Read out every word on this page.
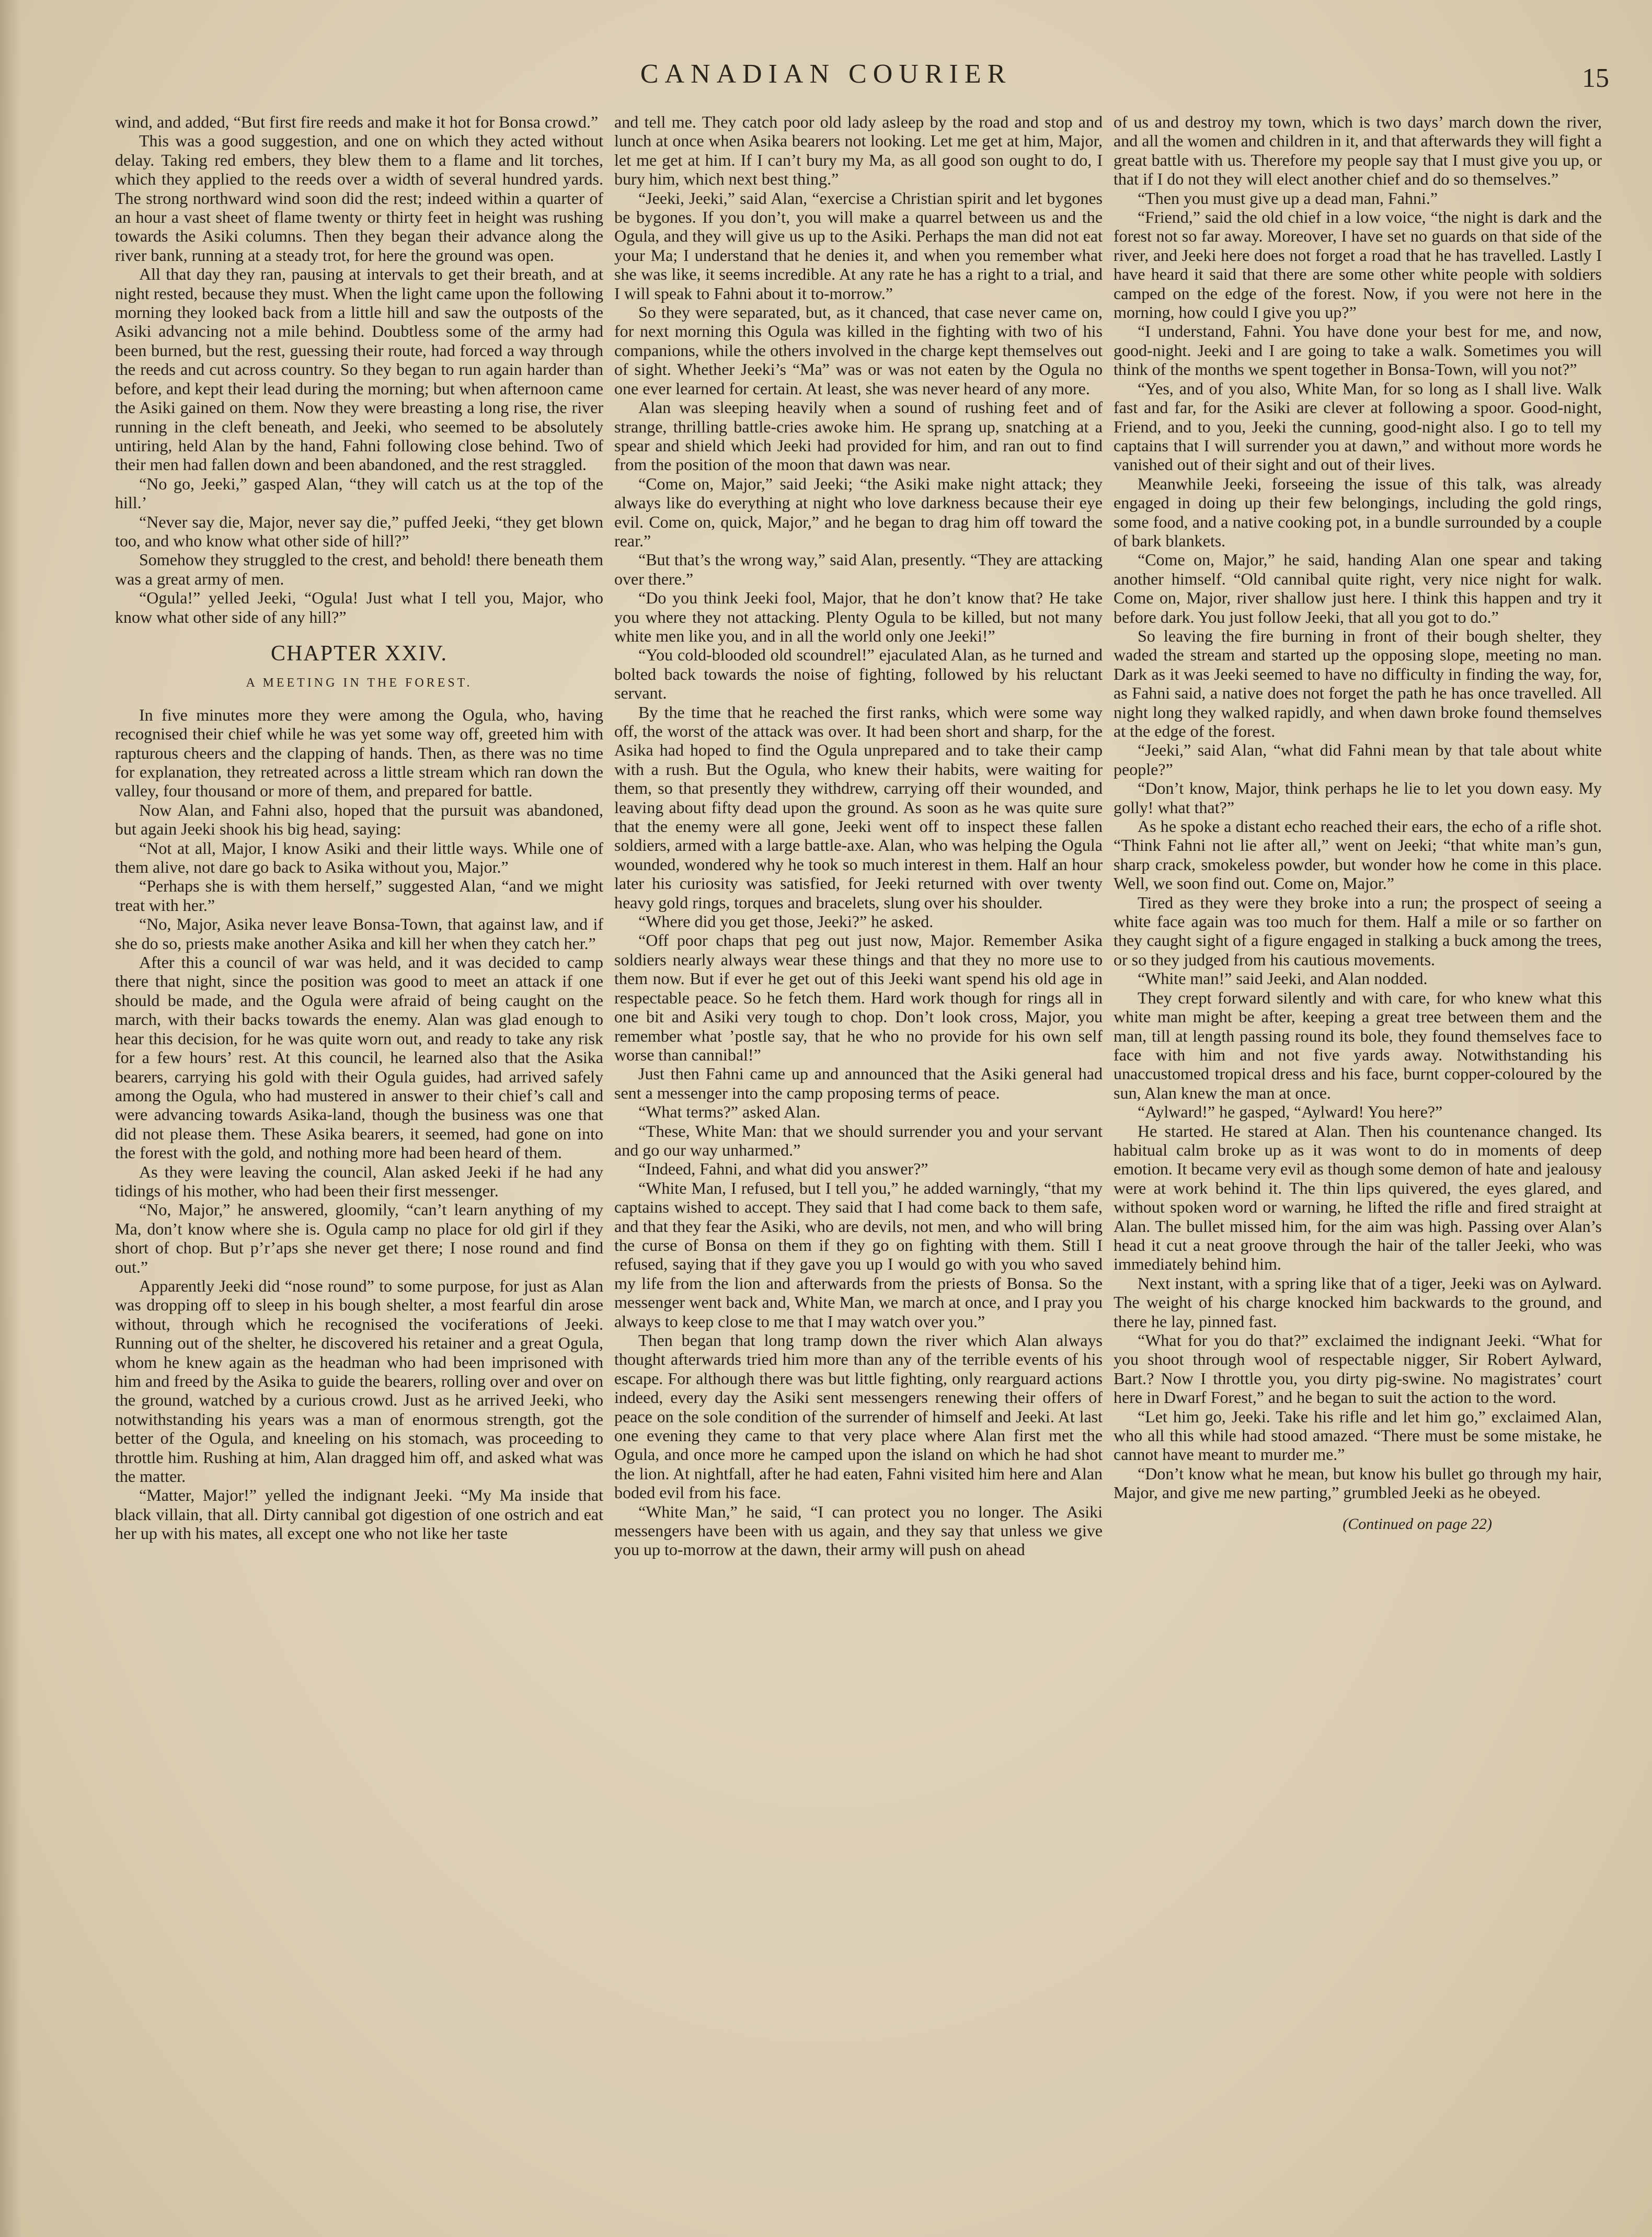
CANADIAN COURIER	15

wind, and added, “But first fire reeds and make it hot for Bonsa crowd.”

This was a good suggestion, and one on which they acted without delay. Taking red embers, they blew them to a flame and lit torches, which they applied to the reeds over a width of several hundred yards. The strong northward wind soon did the rest; indeed within a quarter of an hour a vast sheet of flame twenty or thirty feet in height was rushing towards the Asiki columns. Then they began their advance along the river bank, running at a steady trot, for here the ground was open.

All that day they ran, pausing at intervals to get their breath, and at night rested, because they must. When the light came upon the following morning they looked back from a little hill and saw the outposts of the Asiki advancing not a mile behind. Doubtless some of the army had been burned, but the rest, guessing their route, had forced a way through the reeds and cut across country. So they began to run again harder than before, and kept their lead during the morning; but when afternoon came the Asiki gained on them. Now they were breasting a long rise, the river running in the cleft beneath, and Jeeki, who seemed to be absolutely untiring, held Alan by the hand, Fahni following close behind. Two of their men had fallen down and been abandoned, and the rest straggled.

“No go, Jeeki,” gasped Alan, “they will catch us at the top of the hill.’

“Never say die, Major, never say die,” puffed Jeeki, “they get blown too, and who know what other side of hill?”

Somehow they struggled to the crest, and behold! there beneath them was a great army of men.

“Ogula!” yelled Jeeki, “Ogula! Just what I tell you, Major, who know what other side of any hill?”

CHAPTER XXIV.
A MEETING IN THE FOREST.

In five minutes more they were among the Ogula, who, having recognised their chief while he was yet some way off, greeted him with rapturous cheers and the clapping of hands. Then, as there was no time for explanation, they retreated across a little stream which ran down the valley, four thousand or more of them, and prepared for battle.

Now Alan, and Fahni also, hoped that the pursuit was abandoned, but again Jeeki shook his big head, saying:

“Not at all, Major, I know Asiki and their little ways. While one of them alive, not dare go back to Asika without you, Major.”

“Perhaps she is with them herself,” suggested Alan, “and we might treat with her.”

“No, Major, Asika never leave Bonsa-Town, that against law, and if she do so, priests make another Asika and kill her when they catch her.”

After this a council of war was held, and it was decided to camp there that night, since the position was good to meet an attack if one should be made, and the Ogula were afraid of being caught on the march, with their backs towards the enemy. Alan was glad enough to hear this decision, for he was quite worn out, and ready to take any risk for a few hours’ rest. At this council, he learned also that the Asika bearers, carrying his gold with their Ogula guides, had arrived safely among the Ogula, who had mustered in answer to their chief’s call and were advancing towards Asika-land, though the business was one that did not please them. These Asika bearers, it seemed, had gone on into the forest with the gold, and nothing more had been heard of them.

As they were leaving the council, Alan asked Jeeki if he had any tidings of his mother, who had been their first messenger.

“No, Major,” he answered, gloomily, “can’t learn anything of my Ma, don’t know where she is. Ogula camp no place for old girl if they short of chop. But p’r’aps she never get there; I nose round and find out.”

Apparently Jeeki did “nose round” to some purpose, for just as Alan was dropping off to sleep in his bough shelter, a most fearful din arose without, through which he recognised the vociferations of Jeeki. Running out of the shelter, he discovered his retainer and a great Ogula, whom he knew again as the headman who had been imprisoned with him and freed by the Asika to guide the bearers, rolling over and over on the ground, watched by a curious crowd. Just as he arrived Jeeki, who notwithstanding his years was a man of enormous strength, got the better of the Ogula, and kneeling on his stomach, was proceeding to throttle him. Rushing at him, Alan dragged him off, and asked what was the matter.

“Matter, Major!” yelled the indignant Jeeki. “My Ma inside that black villain, that all. Dirty cannibal got digestion of one ostrich and eat her up with his mates, all except one who not like her taste

and tell me. They catch poor old lady asleep by the road and stop and lunch at once when Asika bearers not looking. Let me get at him, Major, let me get at him. If I can’t bury my Ma, as all good son ought to do, I bury him, which next best thing.”

“Jeeki, Jeeki,” said Alan, “exercise a Christian spirit and let bygones be bygones. If you don’t, you will make a quarrel between us and the Ogula, and they will give us up to the Asiki. Perhaps the man did not eat your Ma; I understand that he denies it, and when you remember what she was like, it seems incredible. At any rate he has a right to a trial, and I will speak to Fahni about it to-morrow.”

So they were separated, but, as it chanced, that case never came on, for next morning this Ogula was killed in the fighting with two of his companions, while the others involved in the charge kept themselves out of sight. Whether Jeeki’s “Ma” was or was not eaten by the Ogula no one ever learned for certain. At least, she was never heard of any more.

Alan was sleeping heavily when a sound of rushing feet and of strange, thrilling battle-cries awoke him. He sprang up, snatching at a spear and shield which Jeeki had provided for him, and ran out to find from the position of the moon that dawn was near.

“Come on, Major,” said Jeeki; “the Asiki make night attack; they always like do everything at night who love darkness because their eye evil. Come on, quick, Major,” and he began to drag him off toward the rear.”

“But that’s the wrong way,” said Alan, presently. “They are attacking over there.”

“Do you think Jeeki fool, Major, that he don’t know that? He take you where they not attacking. Plenty Ogula to be killed, but not many white men like you, and in all the world only one Jeeki!”

“You cold-blooded old scoundrel!” ejaculated Alan, as he turned and bolted back towards the noise of fighting, followed by his reluctant servant.

By the time that he reached the first ranks, which were some way off, the worst of the attack was over. It had been short and sharp, for the Asika had hoped to find the Ogula unprepared and to take their camp with a rush. But the Ogula, who knew their habits, were waiting for them, so that presently they withdrew, carrying off their wounded, and leaving about fifty dead upon the ground. As soon as he was quite sure that the enemy were all gone, Jeeki went off to inspect these fallen soldiers, armed with a large battle-axe. Alan, who was helping the Ogula wounded, wondered why he took so much interest in them. Half an hour later his curiosity was satisfied, for Jeeki returned with over twenty heavy gold rings, torques and bracelets, slung over his shoulder.

“Where did you get those, Jeeki?” he asked.

“Off poor chaps that peg out just now, Major. Remember Asika soldiers nearly always wear these things and that they no more use to them now. But if ever he get out of this Jeeki want spend his old age in respectable peace. So he fetch them. Hard work though for rings all in one bit and Asiki very tough to chop. Don’t look cross, Major, you remember what ’postle say, that he who no provide for his own self worse than cannibal!”

Just then Fahni came up and announced that the Asiki general had sent a messenger into the camp proposing terms of peace.

“What terms?” asked Alan.

“These, White Man: that we should surrender you and your servant and go our way unharmed.”

“Indeed, Fahni, and what did you answer?”

“White Man, I refused, but I tell you,” he added warningly, “that my captains wished to accept. They said that I had come back to them safe, and that they fear the Asiki, who are devils, not men, and who will bring the curse of Bonsa on them if they go on fighting with them. Still I refused, saying that if they gave you up I would go with you who saved my life from the lion and afterwards from the priests of Bonsa. So the messenger went back and, White Man, we march at once, and I pray you always to keep close to me that I may watch over you.”

Then began that long tramp down the river which Alan always thought afterwards tried him more than any of the terrible events of his escape. For although there was but little fighting, only rearguard actions indeed, every day the Asiki sent messengers renewing their offers of peace on the sole condition of the surrender of himself and Jeeki. At last one evening they came to that very place where Alan first met the Ogula, and once more he camped upon the island on which he had shot the lion. At nightfall, after he had eaten, Fahni visited him here and Alan boded evil from his face.

“White Man,” he said, “I can protect you no longer. The Asiki messengers have been with us again, and they say that unless we give you up to-morrow at the dawn, their army will push on ahead

of us and destroy my town, which is two days’ march down the river, and all the women and children in it, and that afterwards they will fight a great battle with us. Therefore my people say that I must give you up, or that if I do not they will elect another chief and do so themselves.”

“Then you must give up a dead man, Fahni.”

“Friend,” said the old chief in a low voice, “the night is dark and the forest not so far away. Moreover, I have set no guards on that side of the river, and Jeeki here does not forget a road that he has travelled. Lastly I have heard it said that there are some other white people with soldiers camped on the edge of the forest. Now, if you were not here in the morning, how could I give you up?”

“I understand, Fahni. You have done your best for me, and now, good-night. Jeeki and I are going to take a walk. Sometimes you will think of the months we spent together in Bonsa-Town, will you not?”

“Yes, and of you also, White Man, for so long as I shall live. Walk fast and far, for the Asiki are clever at following a spoor. Good-night, Friend, and to you, Jeeki the cunning, good-night also. I go to tell my captains that I will surrender you at dawn,” and without more words he vanished out of their sight and out of their lives.

Meanwhile Jeeki, forseeing the issue of this talk, was already engaged in doing up their few belongings, including the gold rings, some food, and a native cooking pot, in a bundle surrounded by a couple of bark blankets.

“Come on, Major,” he said, handing Alan one spear and taking another himself. “Old cannibal quite right, very nice night for walk. Come on, Major, river shallow just here. I think this happen and try it before dark. You just follow Jeeki, that all you got to do.”

So leaving the fire burning in front of their bough shelter, they waded the stream and started up the opposing slope, meeting no man. Dark as it was Jeeki seemed to have no difficulty in finding the way, for, as Fahni said, a native does not forget the path he has once travelled. All night long they walked rapidly, and when dawn broke found themselves at the edge of the forest.

“Jeeki,” said Alan, “what did Fahni mean by that tale about white people?”

“Don’t know, Major, think perhaps he lie to let you down easy. My golly! what that?”

As he spoke a distant echo reached their ears, the echo of a rifle shot. “Think Fahni not lie after all,” went on Jeeki; “that white man’s gun, sharp crack, smokeless powder, but wonder how he come in this place. Well, we soon find out. Come on, Major.”

Tired as they were they broke into a run; the prospect of seeing a white face again was too much for them. Half a mile or so farther on they caught sight of a figure engaged in stalking a buck among the trees, or so they judged from his cautious movements.

“White man!” said Jeeki, and Alan nodded.

They crept forward silently and with care, for who knew what this white man might be after, keeping a great tree between them and the man, till at length passing round its bole, they found themselves face to face with him and not five yards away. Notwithstanding his unaccustomed tropical dress and his face, burnt copper-coloured by the sun, Alan knew the man at once.

“Aylward!” he gasped, “Aylward! You here?”

He started. He stared at Alan. Then his countenance changed. Its habitual calm broke up as it was wont to do in moments of deep emotion. It became very evil as though some demon of hate and jealousy were at work behind it. The thin lips quivered, the eyes glared, and without spoken word or warning, he lifted the rifle and fired straight at Alan. The bullet missed him, for the aim was high. Passing over Alan’s head it cut a neat groove through the hair of the taller Jeeki, who was immediately behind him.

Next instant, with a spring like that of a tiger, Jeeki was on Aylward. The weight of his charge knocked him backwards to the ground, and there he lay, pinned fast.

“What for you do that?” exclaimed the indignant Jeeki. “What for you shoot through wool of respectable nigger, Sir Robert Aylward, Bart.? Now I throttle you, you dirty pig-swine. No magistrates’ court here in Dwarf Forest,” and he began to suit the action to the word.

“Let him go, Jeeki. Take his rifle and let him go,” exclaimed Alan, who all this while had stood amazed. “There must be some mistake, he cannot have meant to murder me.”

“Don’t know what he mean, but know his bullet go through my hair, Major, and give me new parting,” grumbled Jeeki as he obeyed.

(Continued on page 22)
